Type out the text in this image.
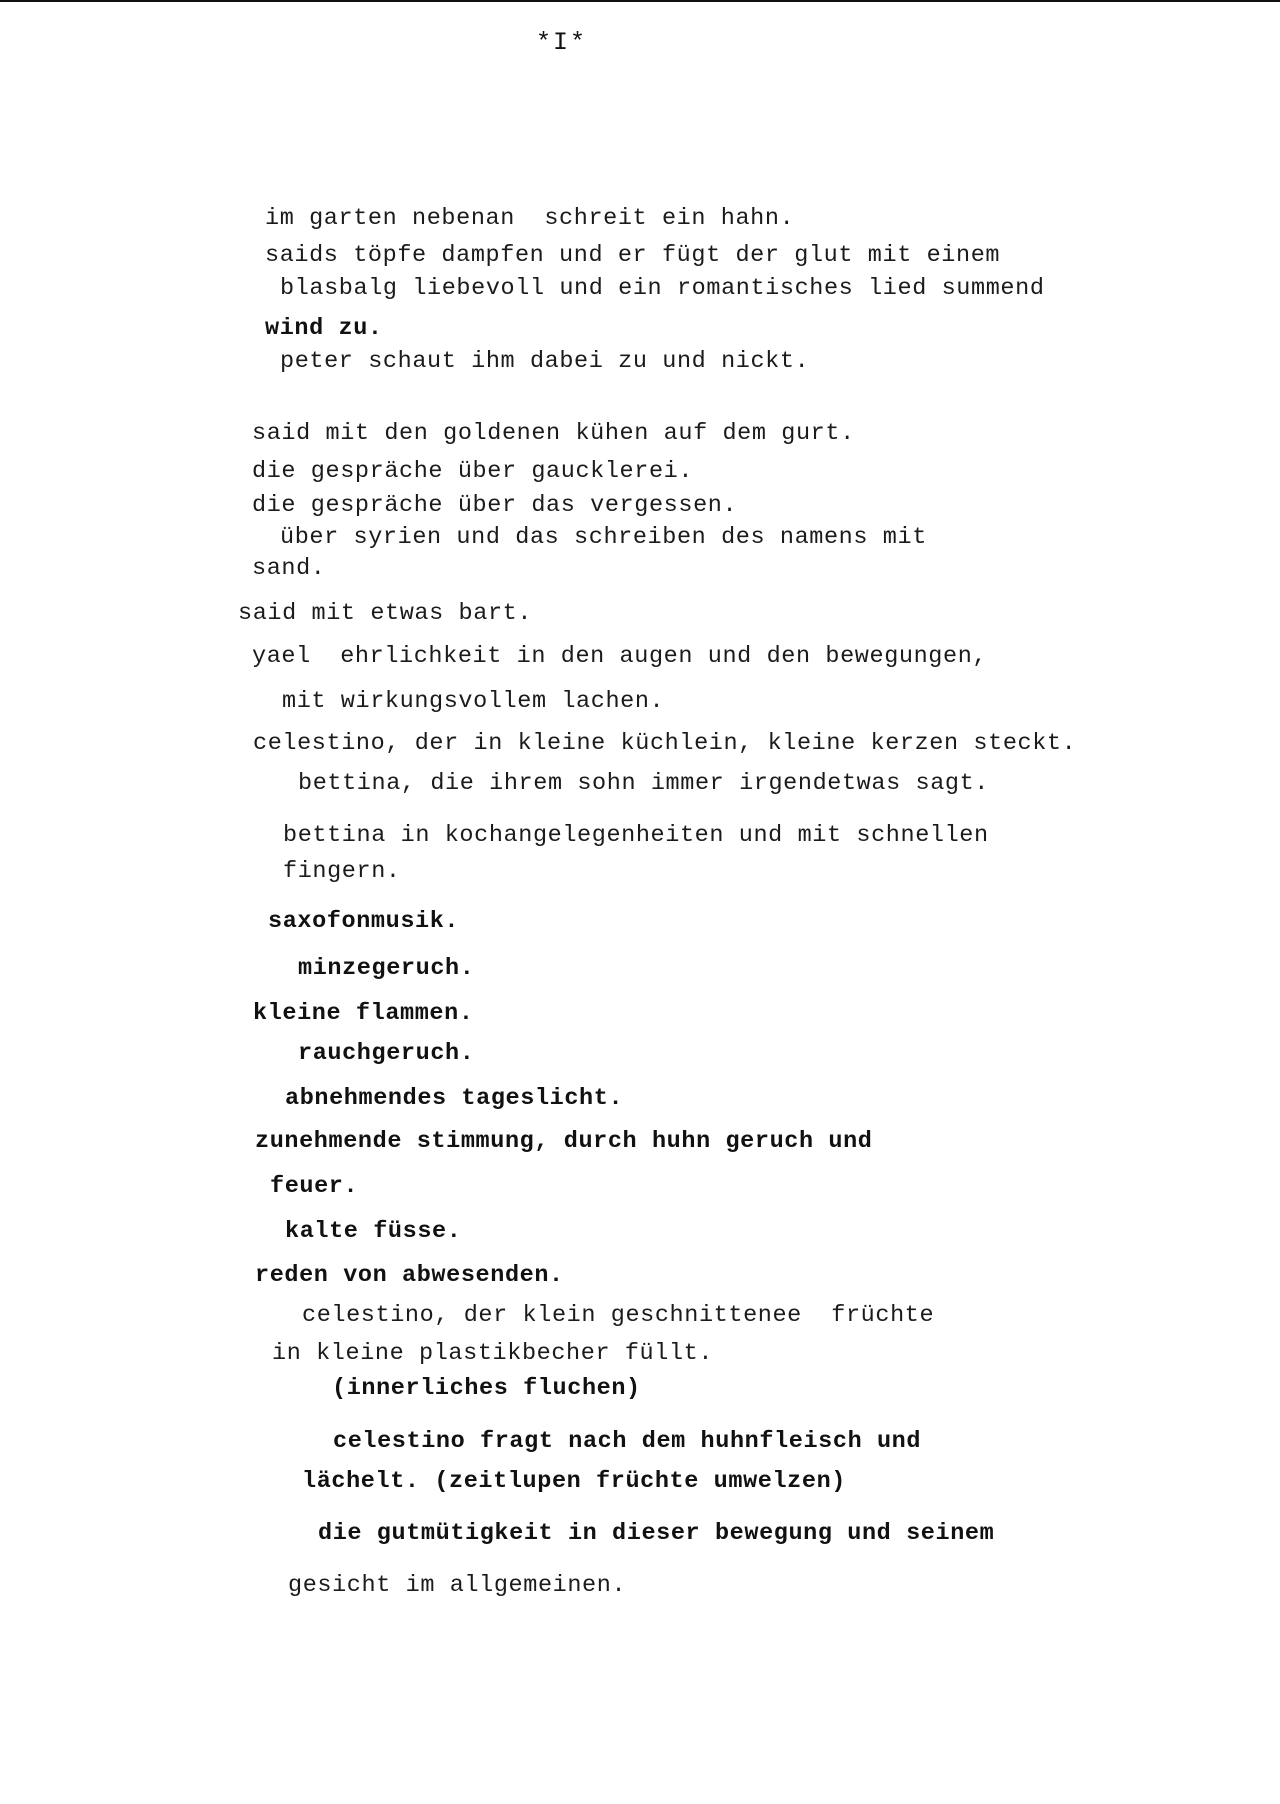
*I*
im garten nebenan  schreit ein hahn.
saids töpfe dampfen und er fügt der glut mit einem
blasbalg liebevoll und ein romantisches lied summend
wind zu.
peter schaut ihm dabei zu und nickt.
said mit den goldenen kühen auf dem gurt.
die gespräche über gaucklerei.
die gespräche über das vergessen.
über syrien und das schreiben des namens mit
sand.
said mit etwas bart.
yael  ehrlichkeit in den augen und den bewegungen,
mit wirkungsvollem lachen.
celestino, der in kleine küchlein, kleine kerzen steckt.
bettina, die ihrem sohn immer irgendetwas sagt.
bettina in kochangelegenheiten und mit schnellen
fingern.
saxofonmusik.
minzegeruch.
kleine flammen.
rauchgeruch.
abnehmendes tageslicht.
zunehmende stimmung, durch huhn geruch und
feuer.
kalte füsse.
reden von abwesenden.
celestino, der klein geschnittenee  früchte
in kleine plastikbecher füllt.
(innerliches fluchen)
celestino fragt nach dem huhnfleisch und
lächelt. (zeitlupen früchte umwelzen)
die gutmütigkeit in dieser bewegung und seinem
gesicht im allgemeinen.
